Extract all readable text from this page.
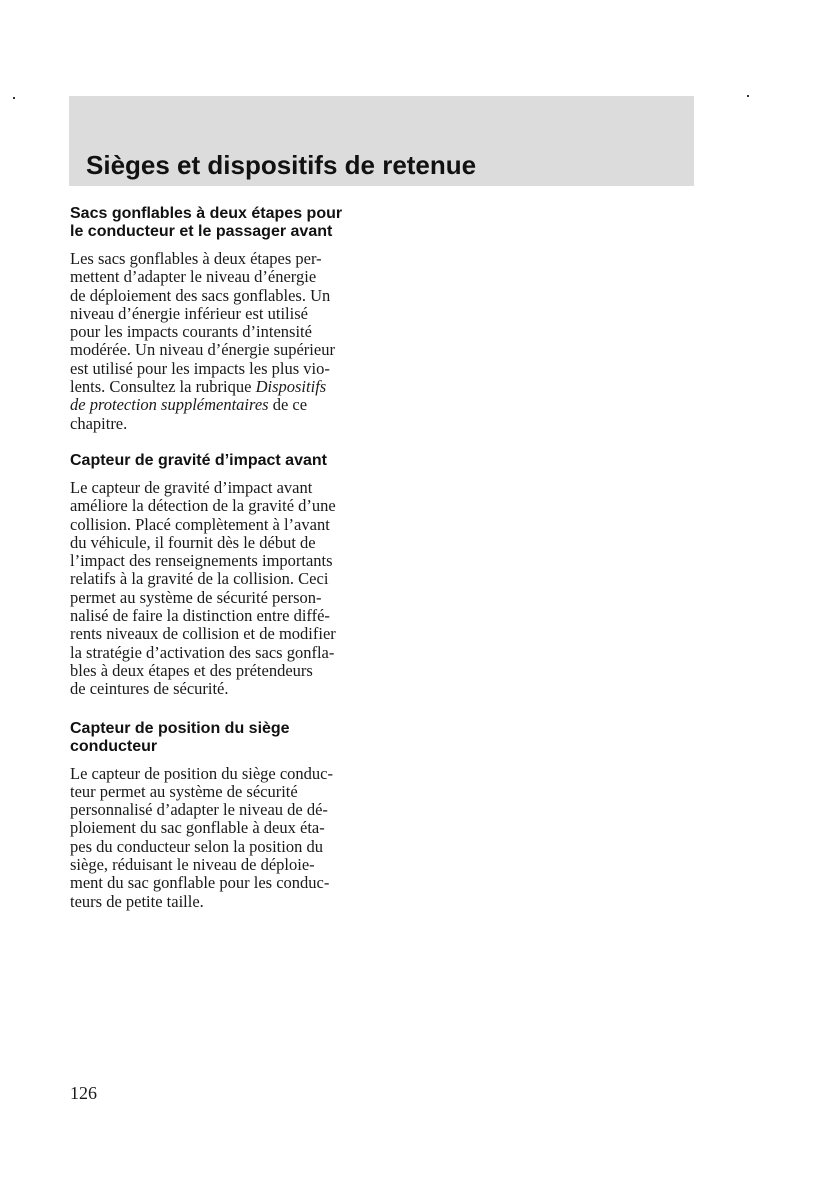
Sièges et dispositifs de retenue
Sacs gonflables à deux étapes pour
le conducteur et le passager avant

Les sacs gonflables à deux étapes per-
mettent d’adapter le niveau d’énergie
de déploiement des sacs gonflables. Un
niveau d’énergie inférieur est utilisé
pour les impacts courants d’intensité
modérée. Un niveau d’énergie supérieur
est utilisé pour les impacts les plus vio-
lents. Consultez la rubrique Dispositifs
de protection supplémentaires de ce
chapitre.

Capteur de gravité d’impact avant

Le capteur de gravité d’impact avant
améliore la détection de la gravité d’une
collision. Placé complètement à l’avant
du véhicule, il fournit dès le début de
l’impact des renseignements importants
relatifs à la gravité de la collision. Ceci
permet au système de sécurité person-
nalisé de faire la distinction entre diffé-
rents niveaux de collision et de modifier
la stratégie d’activation des sacs gonfla-
bles à deux étapes et des prétendeurs
de ceintures de sécurité.

Capteur de position du siège
conducteur

Le capteur de position du siège conduc-
teur permet au système de sécurité
personnalisé d’adapter le niveau de dé-
ploiement du sac gonflable à deux éta-
pes du conducteur selon la position du
siège, réduisant le niveau de déploie-
ment du sac gonflable pour les conduc-
teurs de petite taille.

126
